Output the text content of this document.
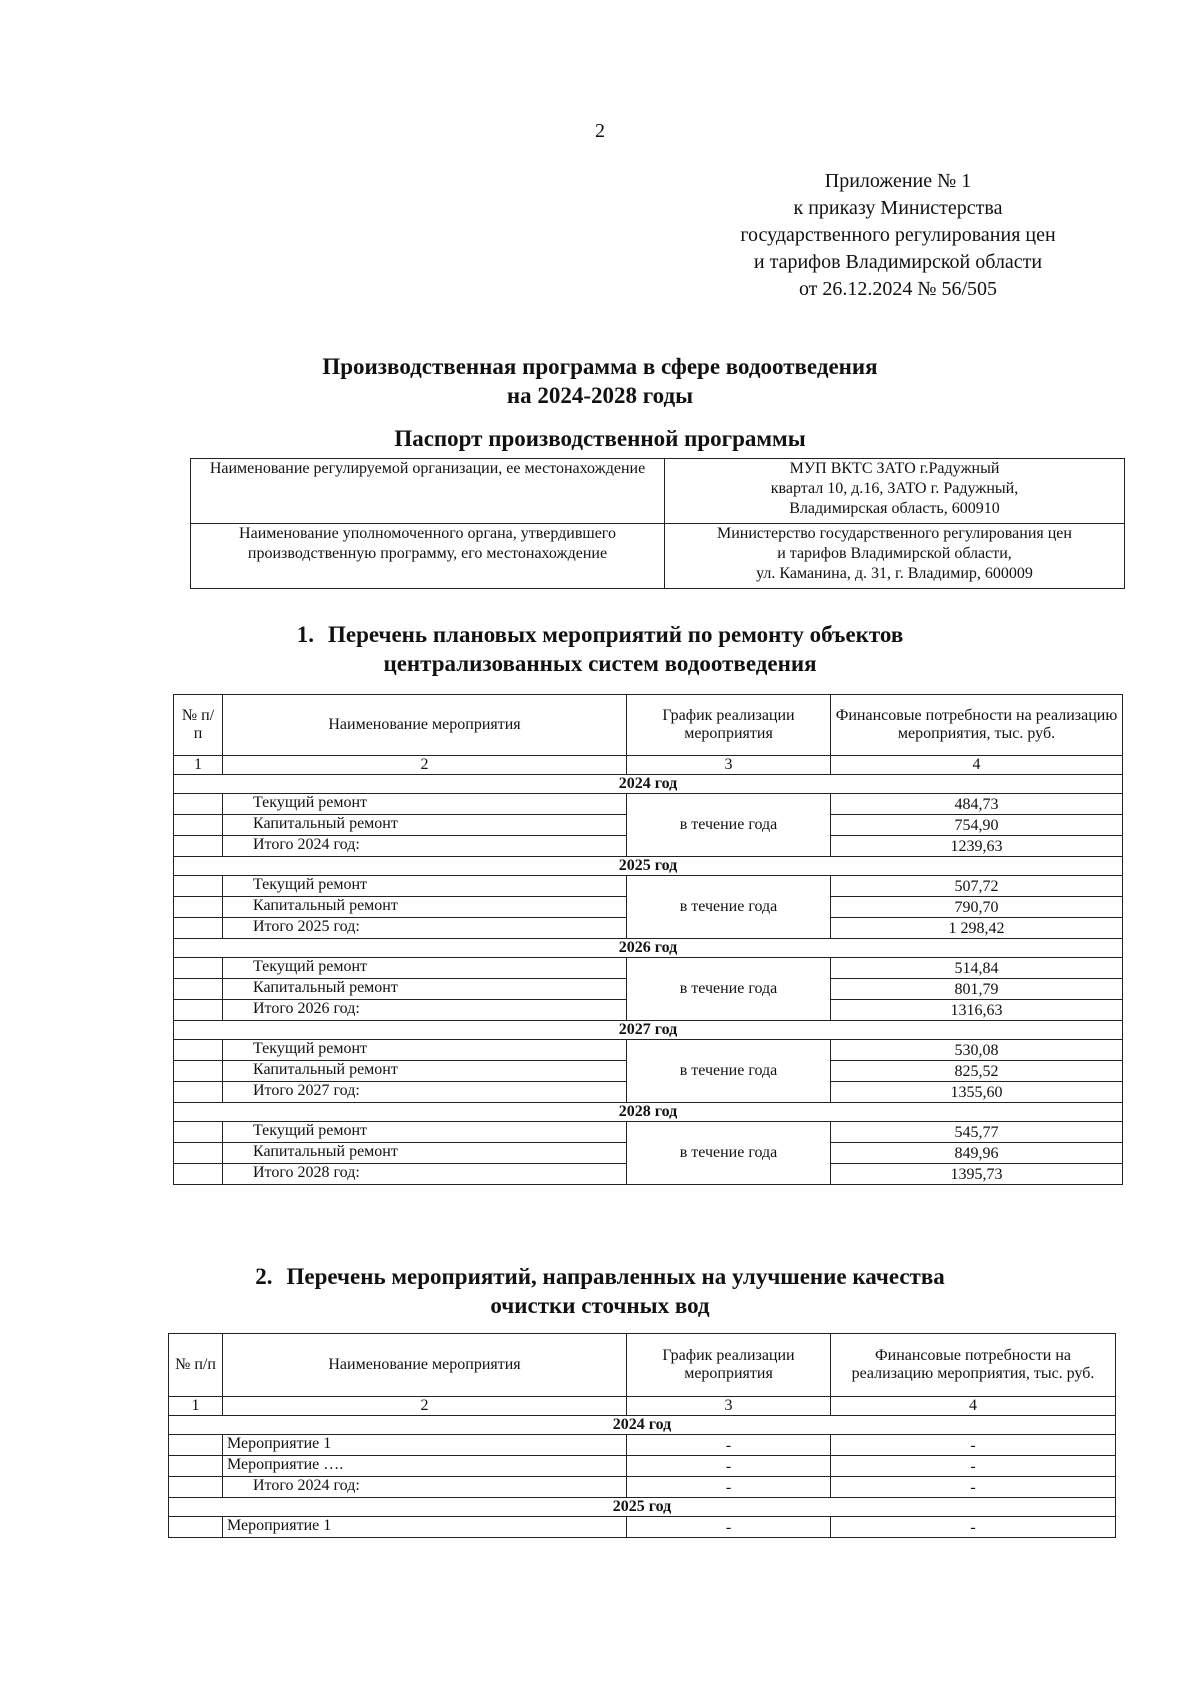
2
Приложение № 1
к приказу Министерства
государственного регулирования цен
и тарифов Владимирской области
от 26.12.2024 № 56/505
Производственная программа в сфере водоотведения
на 2024-2028 годы
Паспорт производственной программы
Наименование регулируемой организации, ее местонахождение	МУП ВКТС ЗАТО г.Радужный
квартал 10, д.16, ЗАТО г. Радужный,
Владимирская область, 600910

Наименование уполномоченного органа, утвердившего производственную программу, его местонахождение	Министерство государственного регулирования цен
и тарифов Владимирской области,
ул. Каманина, д. 31, г. Владимир, 600009
1. Перечень плановых мероприятий по ремонту объектов
централизованных систем водоотведения
№ п/п	Наименование мероприятия	График реализации мероприятия	Финансовые потребности на реализацию мероприятия, тыс. руб.
1	2	3	4
2024 год			
	Текущий ремонт	в течение года	484,73
	Капитальный ремонт		754,90
	Итого 2024 год:		1239,63
2025 год			
	Текущий ремонт	в течение года	507,72
	Капитальный ремонт		790,70
	Итого 2025 год:		1 298,42
2026 год			
	Текущий ремонт	в течение года	514,84
	Капитальный ремонт		801,79
	Итого 2026 год:		1316,63
2027 год			
	Текущий ремонт	в течение года	530,08
	Капитальный ремонт		825,52
	Итого 2027 год:		1355,60
2028 год			
	Текущий ремонт	в течение года	545,77
	Капитальный ремонт		849,96
	Итого 2028 год:		1395,73
2. Перечень мероприятий, направленных на улучшение качества
очистки сточных вод
№ п/п	Наименование мероприятия	График реализации мероприятия	Финансовые потребности на реализацию мероприятия, тыс. руб.
1	2	3	4
2024 год			
	Мероприятие 1	-	-
	Мероприятие ….	-	-
	Итого 2024 год:	-	-
2025 год			
	Мероприятие 1	-	-
